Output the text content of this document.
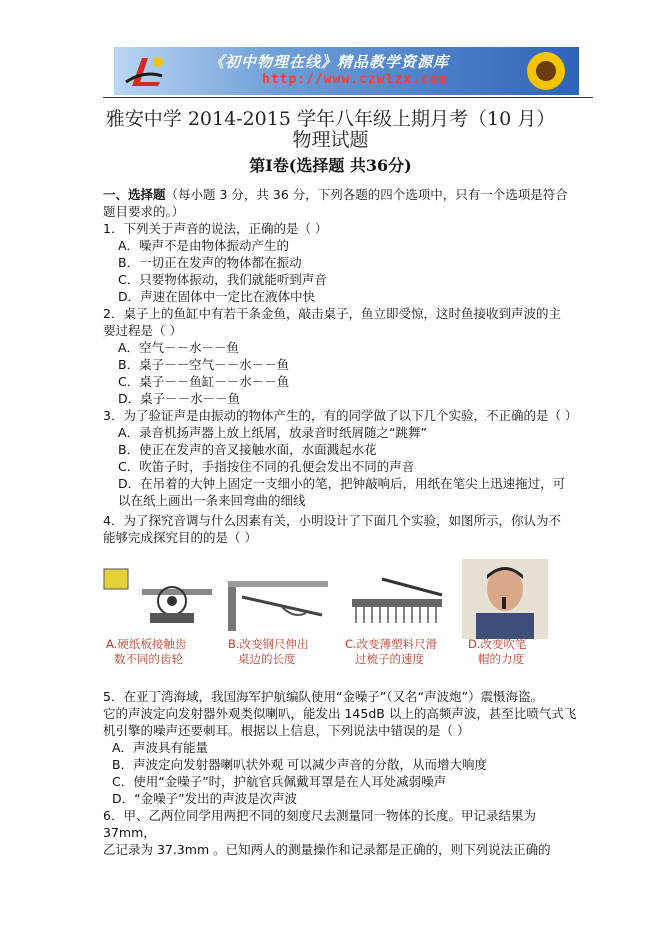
《初中物理在线》精品教学资源库
http://www.czwlzx.com
雅安中学 2014-2015 学年八年级上期月考（10 月）
物理试题
第Ⅰ卷(选择题 共36分)
一、选择题（每小题 3 分，共 36 分，下列各题的四个选项中，只有一个选项是符合
题目要求的。）
1．下列关于声音的说法，正确的是（ ）
A．噪声不是由物体振动产生的
B．一切正在发声的物体都在振动
C．只要物体振动，我们就能听到声音
D．声速在固体中一定比在液体中快
2．桌子上的鱼缸中有若干条金鱼，敲击桌子，鱼立即受惊，这时鱼接收到声波的主
要过程是（ ）
A．空气－－水－－鱼
B．桌子－－空气－－水－－鱼
C．桌子－－鱼缸－－水－－鱼
D．桌子－－水－－鱼
3．为了验证声是由振动的物体产生的，有的同学做了以下几个实验，不正确的是（ ）
A．录音机扬声器上放上纸屑，放录音时纸屑随之“跳舞”
B．使正在发声的音叉接触水面，水面溅起水花
C．吹笛子时，手指按住不同的孔便会发出不同的声音
D．在吊着的大钟上固定一支细小的笔，把钟敲响后，用纸在笔尖上迅速拖过，可
以在纸上画出一条来回弯曲的细线
4．为了探究音调与什么因素有关，小明设计了下面几个实验，如图所示，你认为不
能够完成探究目的的是（ ）
A.硬纸板接触齿
数不同的齿轮
B.改变钢尺伸出
桌边的长度
C.改变薄塑料尺滑
过梳子的速度
D.改变吹笔
帽的力度
5．在亚丁湾海域，我国海军护航编队使用“金噪子”（又名“声波炮”）震慑海盗。
它的声波定向发射器外观类似喇叭，能发出 145dB 以上的高频声波，甚至比喷气式飞
机引擎的噪声还要刺耳。根据以上信息，下列说法中错误的是（ ）
A．声波具有能量
B．声波定向发射器喇叭状外观 可以减少声音的分散，从而增大响度
C．使用“金噪子”时，护航官兵佩戴耳罩是在人耳处减弱噪声
D．“金噪子”发出的声波是次声波
6．甲、乙两位同学用两把不同的刻度尺去测量同一物体的长度。甲记录结果为
37mm，
乙记录为 37.3mm 。已知两人的测量操作和记录都是正确的，则下列说法正确的
